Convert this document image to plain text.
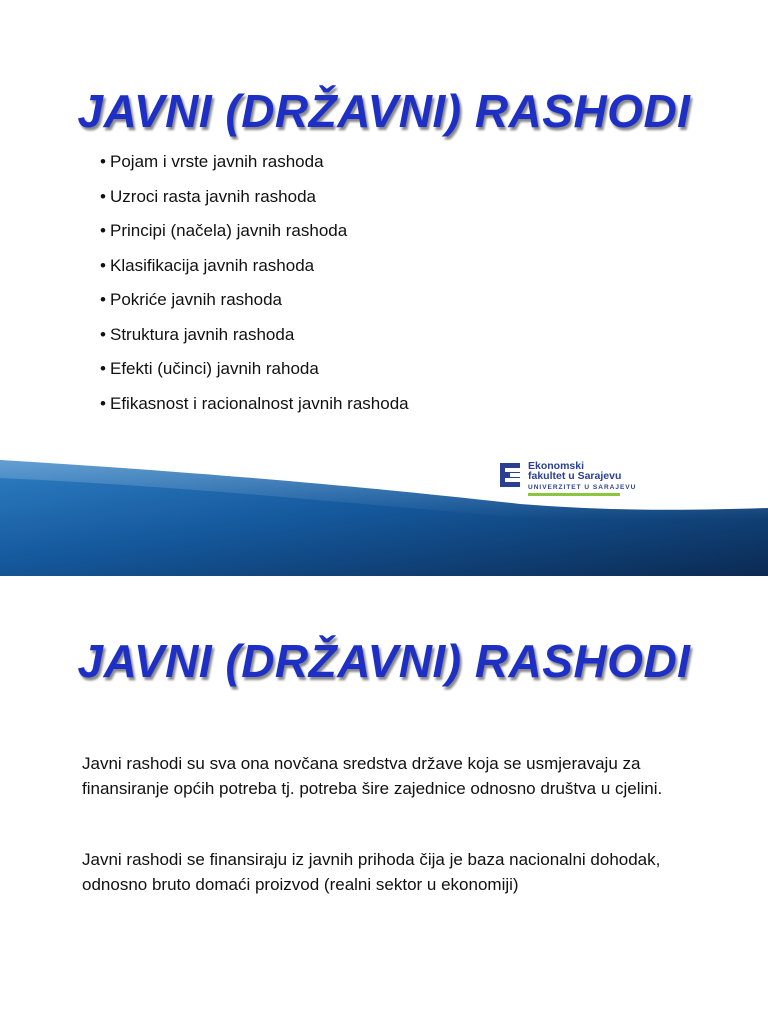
JAVNI (DRŽAVNI) RASHODI
• Pojam i vrste javnih rashoda
• Uzroci rasta javnih rashoda
• Principi (načela) javnih rashoda
• Klasifikacija javnih rashoda
• Pokriće javnih rashoda
• Struktura javnih rashoda
• Efekti (učinci) javnih rahoda
• Efikasnost i racionalnost javnih rashoda
Ekonomski
fakultet u Sarajevu
UNIVERZITET U SARAJEVU
JAVNI (DRŽAVNI) RASHODI

Javni rashodi su sva ona novčana sredstva države koja se usmjeravaju za finansiranje općih potreba tj. potreba šire zajednice odnosno društva u cjelini.

Javni rashodi se finansiraju iz javnih prihoda čija je baza nacionalni dohodak, odnosno bruto domaći proizvod (realni sektor u ekonomiji)
